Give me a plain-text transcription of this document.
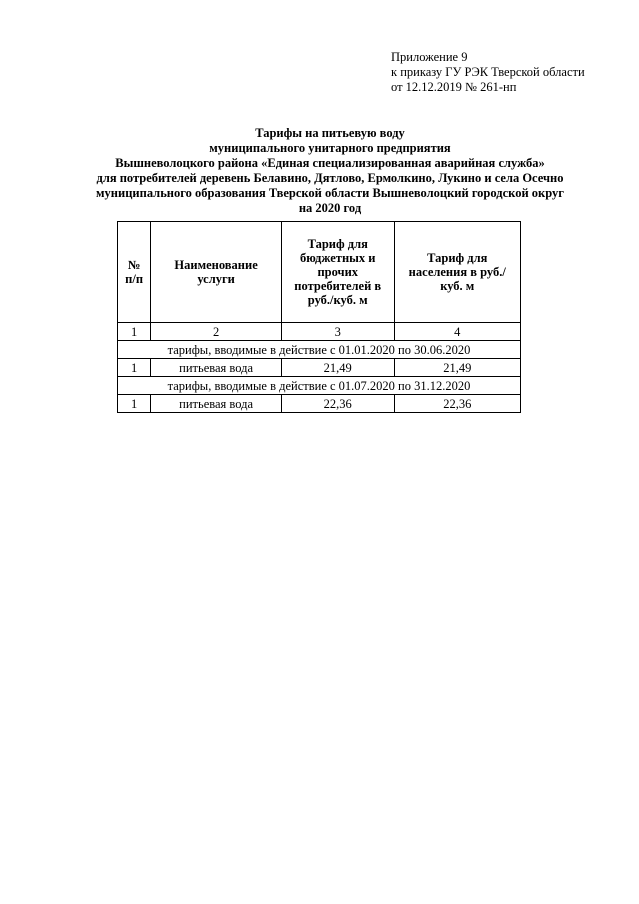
Приложение 9
к приказу ГУ РЭК Тверской области
от 12.12.2019 № 261-нп
Тарифы на питьевую воду
муниципального унитарного предприятия
Вышневолоцкого района «Единая специализированная аварийная служба»
для потребителей деревень Белавино, Дятлово, Ермолкино, Лукино и села Осечно
муниципального образования Тверской области Вышневолоцкий городской округ
на 2020 год
№ п/п	Наименование услуги	Тариф для бюджетных и прочих потребителей в руб./куб. м	Тариф для населения в руб./куб. м
1	2	3	4
тарифы, вводимые в действие с 01.01.2020 по 30.06.2020			
1	питьевая вода	21,49	21,49
тарифы, вводимые в действие с 01.07.2020 по 31.12.2020			
1	питьевая вода	22,36	22,36
